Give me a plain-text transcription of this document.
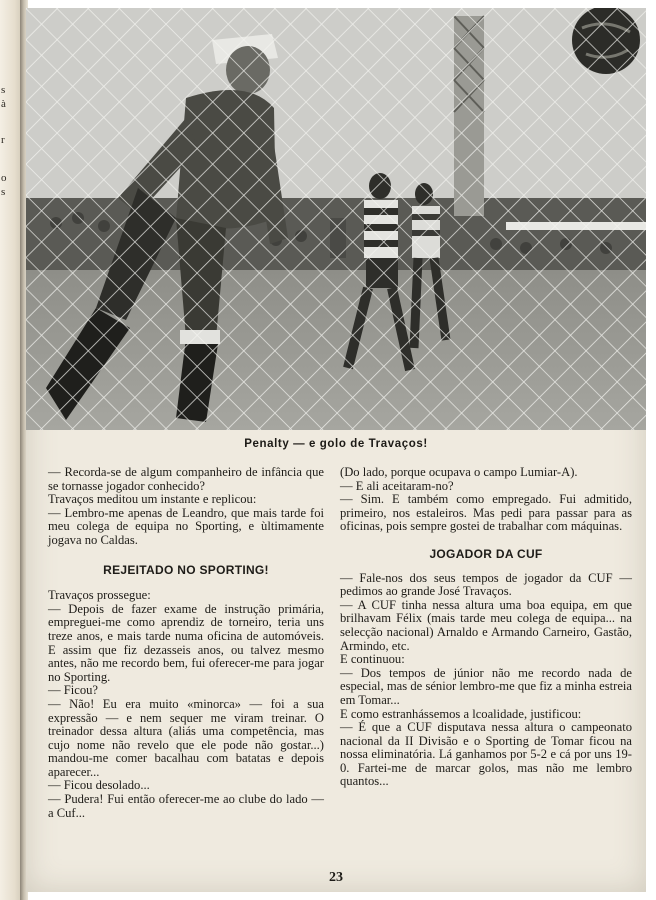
s
à
r
o
s
Penalty — e golo de Travaços!

— Recorda-se de algum companheiro de infância que se tornasse jogador conhecido?

Travaços meditou um instante e replicou:

— Lembro-me apenas de Leandro, que mais tarde foi meu colega de equipa no Sporting, e ùltimamente jogava no Caldas.

REJEITADO NO SPORTING!

Travaços prossegue:

— Depois de fazer exame de instrução primária, empreguei-me como aprendiz de torneiro, teria uns treze anos, e mais tarde numa oficina de automóveis. E assim que fiz dezasseis anos, ou talvez mesmo antes, não me recordo bem, fui oferecer-me para jogar no Sporting.

— Ficou?

— Não! Eu era muito «minorca» — foi a sua expressão — e nem sequer me viram treinar. O treinador dessa altura (aliás uma competência, mas cujo nome não revelo que ele pode não gostar...) mandou-me comer bacalhau com batatas e depois aparecer...

— Ficou desolado...

— Pudera! Fui então oferecer-me ao clube do lado — a Cuf...

(Do lado, porque ocupava o campo Lumiar-A).

— E ali aceitaram-no?

— Sim. E também como empregado. Fui admitido, primeiro, nos estaleiros. Mas pedi para passar para as oficinas, pois sempre gostei de trabalhar com máquinas.

JOGADOR DA CUF

— Fale-nos dos seus tempos de jogador da CUF — pedimos ao grande José Travaços.

— A CUF tinha nessa altura uma boa equipa, em que brilhavam Félix (mais tarde meu colega de equipa... na selecção nacional) Arnaldo e Armando Carneiro, Gastão, Armindo, etc.

E continuou:

— Dos tempos de júnior não me recordo nada de especial, mas de sénior lembro-me que fiz a minha estreia em Tomar...

E como estranhássemos a lcoalidade, justificou:

— É que a CUF disputava nessa altura o campeonato nacional da II Divisão e o Sporting de Tomar ficou na nossa eliminatória. Lá ganhamos por 5-2 e cá por uns 19-0. Fartei-me de marcar golos, mas não me lembro quantos...

23
